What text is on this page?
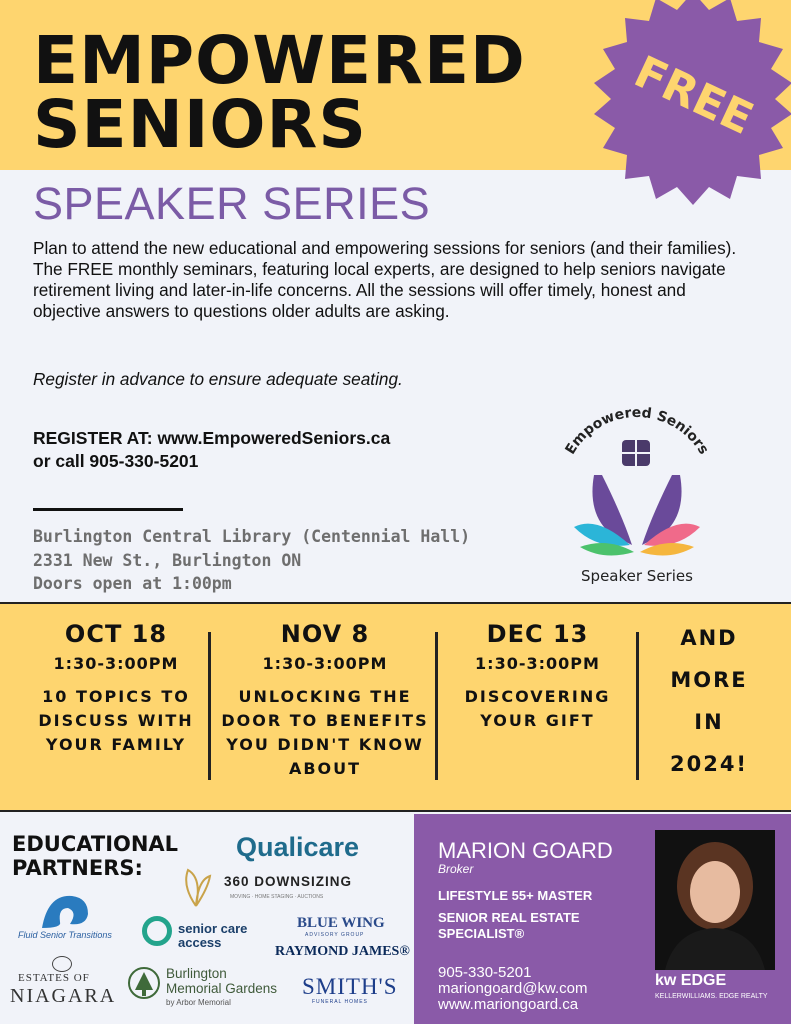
EMPOWERED
SENIORS	FREE
SPEAKER SERIES
Plan to attend the new educational and empowering sessions for seniors (and their families). The FREE monthly seminars, featuring local experts, are designed to help seniors navigate retirement living and later-in-life concerns. All the sessions will offer timely, honest and objective answers to questions older adults are asking.
Register in advance to ensure adequate seating.
REGISTER AT: www.EmpoweredSeniors.ca
or call 905-330-5201
Burlington Central Library (Centennial Hall)
2331 New St., Burlington ON
Doors open at 1:00pm
Empowered Seniors
Speaker Series
OCT 18
1:30-3:00PM
10 TOPICS TO DISCUSS WITH YOUR FAMILY
NOV 8
1:30-3:00PM
UNLOCKING THE DOOR TO BENEFITS YOU DIDN'T KNOW ABOUT
DEC 13
1:30-3:00PM
DISCOVERING YOUR GIFT
AND
MORE
IN
2024!
EDUCATIONAL
PARTNERS:
Qualicare
360 DOWNSIZING
MOVING · HOME STAGING · AUCTIONS
Fluid Senior Transitions	senior care
access
BLUE WING
ADVISORY GROUP
RAYMOND JAMES®
ESTATES OF
NIAGARA
Burlington
Memorial Gardens
by Arbor Memorial
SMITH'S
FUNERAL HOMES
MARION GOARD
Broker
LIFESTYLE 55+ MASTER
SENIOR REAL ESTATE
SPECIALIST®
905-330-5201
mariongoard@kw.com
www.mariongoard.ca
kw EDGE
KELLERWILLIAMS. EDGE REALTY
